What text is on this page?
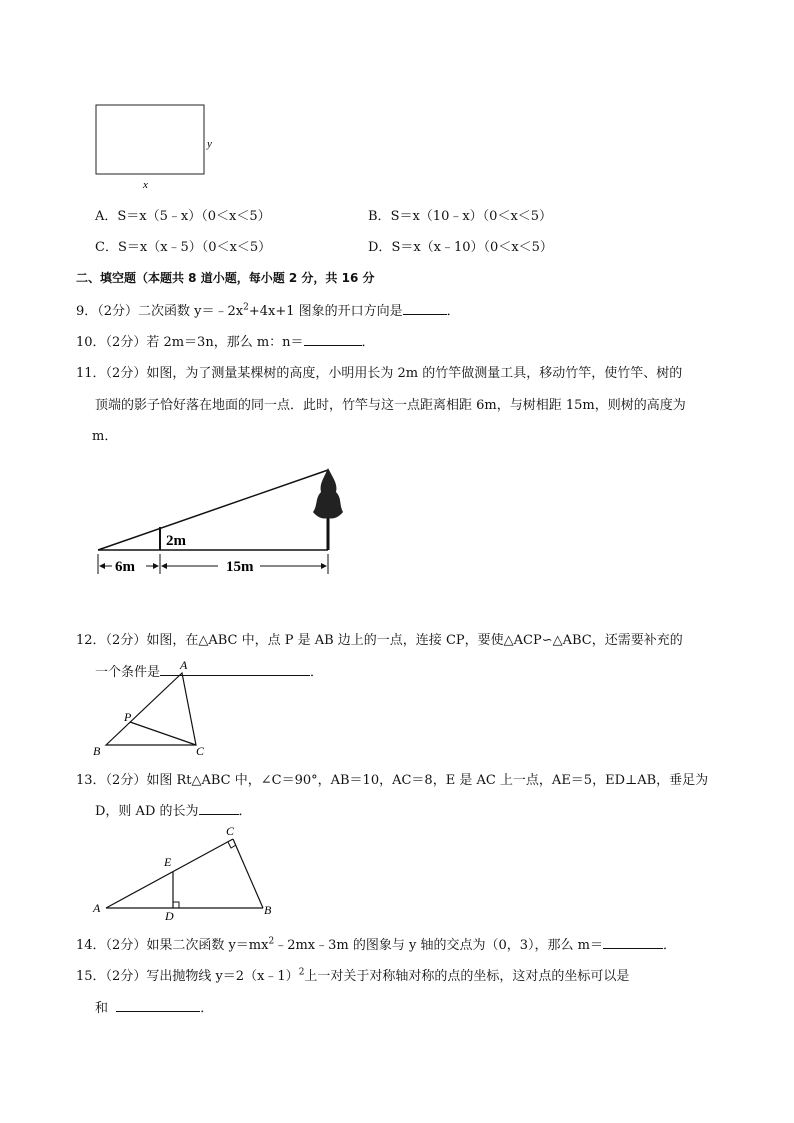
y
x
A．S＝x（5﹣x）（0＜x＜5）	B．S＝x（10﹣x）（0＜x＜5）
C．S＝x（x﹣5）（0＜x＜5）	D．S＝x（x﹣10）（0＜x＜5）
二、填空题（本题共 8 道小题，每小题 2 分，共 16 分
9．（2分）二次函数 $y=﹣2x^2+4x+1$ 图象的开口方向是	．
10．（2分）若 2m＝3n，那么 m：n＝	．
11．（2分）如图，为了测量某棵树的高度，小明用长为 2m 的竹竿做测量工具，移动竹竿，使竹竿、树的
顶端的影子恰好落在地面的同一点．此时，竹竿与这一点距离相距 6m，与树相距 15m，则树的高度为
m．
2m
6m	15m
12．（2分）如图，在△ABC 中，点 P 是 AB 边上的一点，连接 CP，要使△ACP∽△ABC，还需要补充的
一个条件是	．
A
P
B	C
13．（2分）如图 Rt△ABC 中，∠C＝90°，AB＝10，AC＝8，E 是 AC 上一点，AE＝5，ED⊥AB，垂足为
D，则 AD 的长为	．
C
E
A
D	B
14．（2分）如果二次函数 $y=mx^2﹣2mx﹣3m$ 的图象与 y 轴的交点为（0，3），那么 m＝	．
15．（2分）写出抛物线 y＝2（x﹣1）$^2$上一对关于对称轴对称的点的坐标，这对点的坐标可以是
和	．
